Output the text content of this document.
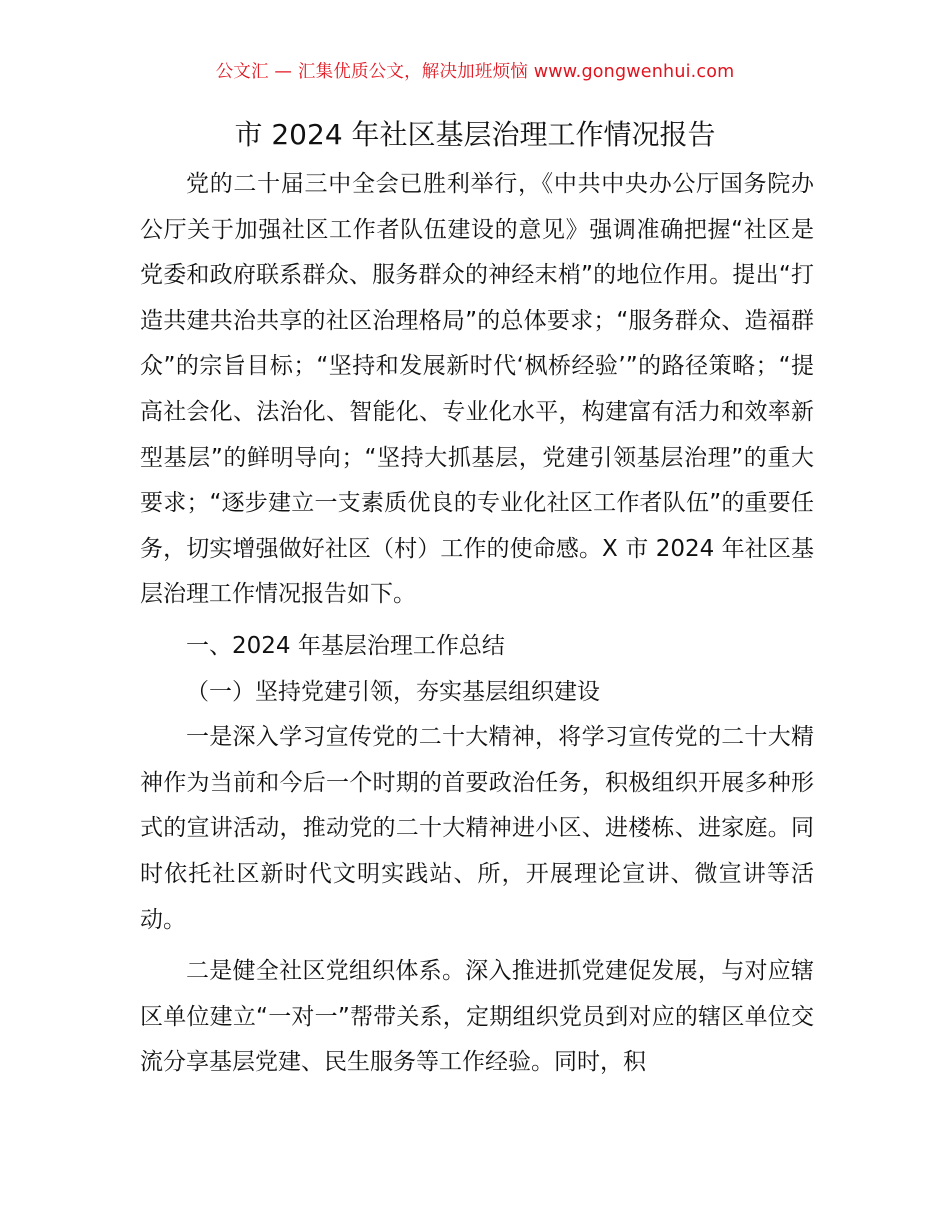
公文汇 — 汇集优质公文，解决加班烦恼 www.gongwenhui.com
市 2024 年社区基层治理工作情况报告

党的二十届三中全会已胜利举行，《中共中央办公厅国务院办公厅关于加强社区工作者队伍建设的意见》强调准确把握“社区是党委和政府联系群众、服务群众的神经末梢”的地位作用。提出“打造共建共治共享的社区治理格局”的总体要求；“服务群众、造福群众”的宗旨目标；“坚持和发展新时代‘枫桥经验’”的路径策略；“提高社会化、法治化、智能化、专业化水平，构建富有活力和效率新型基层”的鲜明导向；“坚持大抓基层，党建引领基层治理”的重大要求；“逐步建立一支素质优良的专业化社区工作者队伍”的重要任务，切实增强做好社区（村）工作的使命感。X 市 2024 年社区基层治理工作情况报告如下。

一、2024 年基层治理工作总结

（一）坚持党建引领，夯实基层组织建设

一是深入学习宣传党的二十大精神，将学习宣传党的二十大精神作为当前和今后一个时期的首要政治任务，积极组织开展多种形式的宣讲活动，推动党的二十大精神进小区、进楼栋、进家庭。同时依托社区新时代文明实践站、所，开展理论宣讲、微宣讲等活动。

二是健全社区党组织体系。深入推进抓党建促发展，与对应辖区单位建立“一对一”帮带关系，定期组织党员到对应的辖区单位交流分享基层党建、民生服务等工作经验。同时，积
